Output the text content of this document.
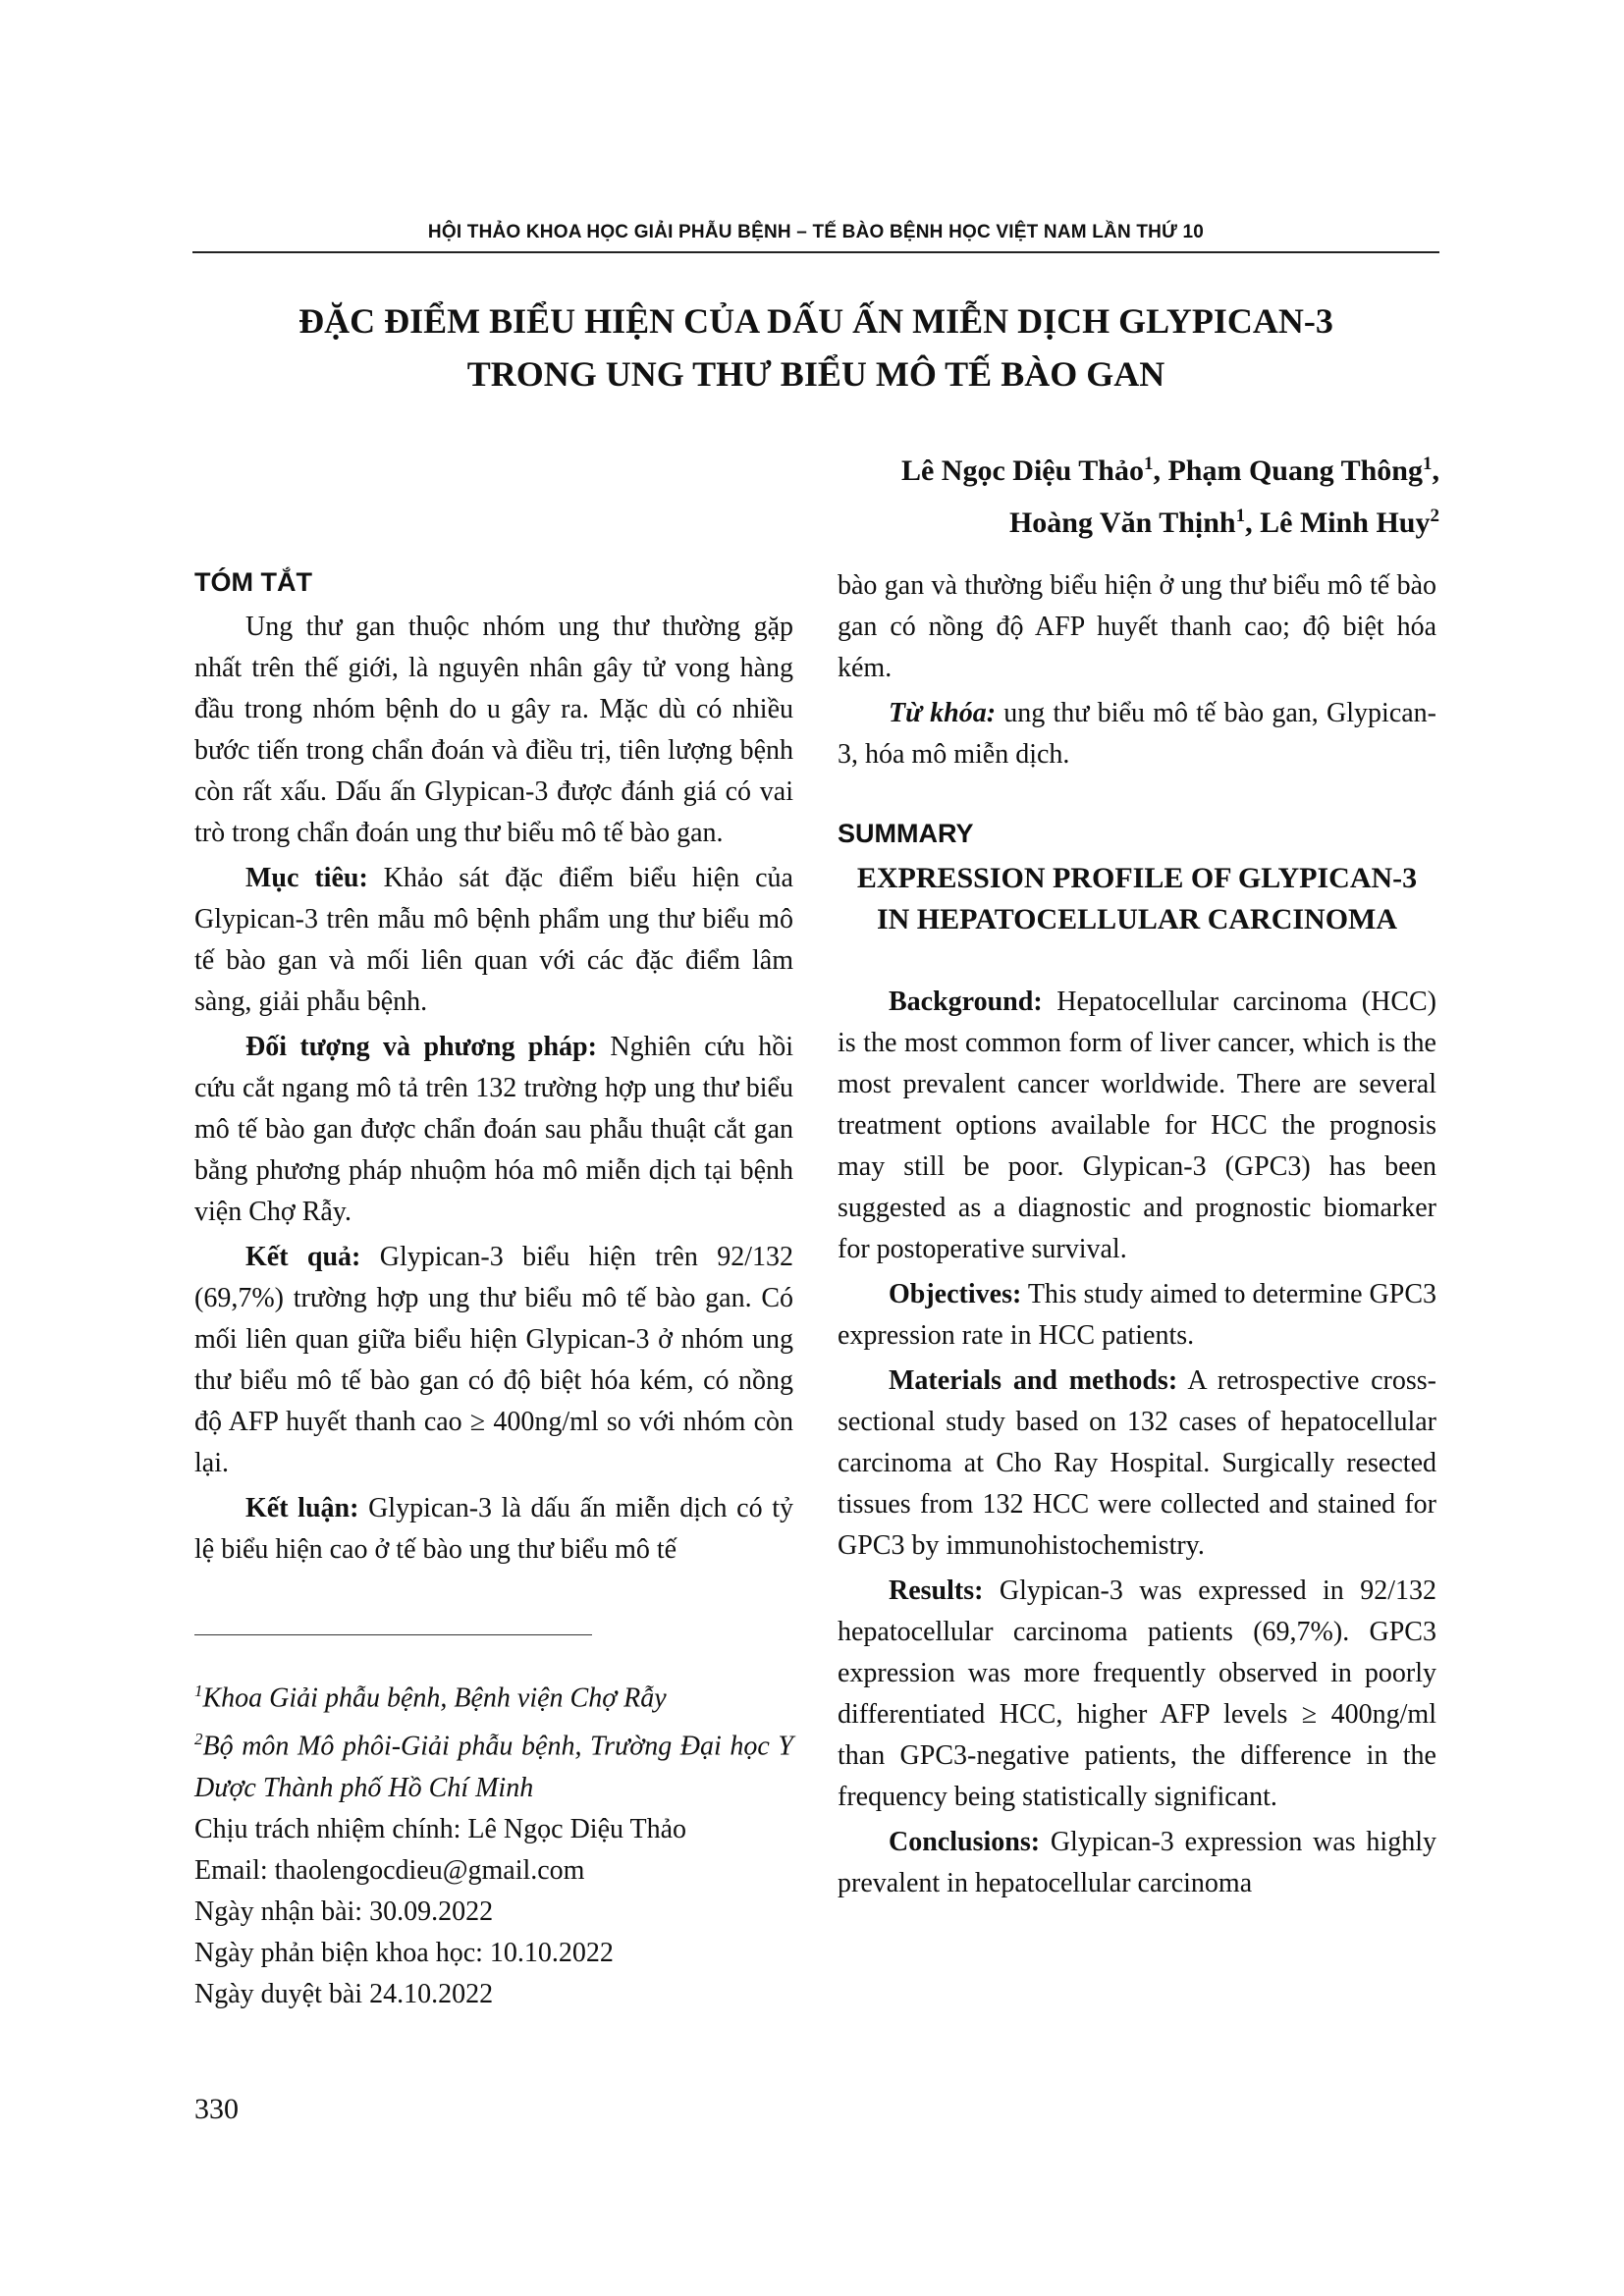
HỘI THẢO KHOA HỌC GIẢI PHẪU BỆNH – TẾ BÀO BỆNH HỌC VIỆT NAM LẦN THỨ 10
ĐẶC ĐIỂM BIỂU HIỆN CỦA DẤU ẤN MIỄN DỊCH GLYPICAN-3
TRONG UNG THƯ BIỂU MÔ TẾ BÀO GAN
Lê Ngọc Diệu Thảo$^1$, Phạm Quang Thông$^1$,
Hoàng Văn Thịnh$^1$, Lê Minh Huy$^2$
TÓM TẮT

Ung thư gan thuộc nhóm ung thư thường gặp nhất trên thế giới, là nguyên nhân gây tử vong hàng đầu trong nhóm bệnh do u gây ra. Mặc dù có nhiều bước tiến trong chẩn đoán và điều trị, tiên lượng bệnh còn rất xấu. Dấu ấn Glypican-3 được đánh giá có vai trò trong chẩn đoán ung thư biểu mô tế bào gan.

Mục tiêu: Khảo sát đặc điểm biểu hiện của Glypican-3 trên mẫu mô bệnh phẩm ung thư biểu mô tế bào gan và mối liên quan với các đặc điểm lâm sàng, giải phẫu bệnh.

Đối tượng và phương pháp: Nghiên cứu hồi cứu cắt ngang mô tả trên 132 trường hợp ung thư biểu mô tế bào gan được chẩn đoán sau phẫu thuật cắt gan bằng phương pháp nhuộm hóa mô miễn dịch tại bệnh viện Chợ Rẫy.

Kết quả: Glypican-3 biểu hiện trên 92/132 (69,7%) trường hợp ung thư biểu mô tế bào gan. Có mối liên quan giữa biểu hiện Glypican-3 ở nhóm ung thư biểu mô tế bào gan có độ biệt hóa kém, có nồng độ AFP huyết thanh cao ≥ 400ng/ml so với nhóm còn lại.

Kết luận: Glypican-3 là dấu ấn miễn dịch có tỷ lệ biểu hiện cao ở tế bào ung thư biểu mô tế

$^1$Khoa Giải phẫu bệnh, Bệnh viện Chợ Rẫy
$^2$Bộ môn Mô phôi-Giải phẫu bệnh, Trường Đại học Y Dược Thành phố Hồ Chí Minh
Chịu trách nhiệm chính: Lê Ngọc Diệu Thảo
Email: thaolengocdieu@gmail.com
Ngày nhận bài: 30.09.2022
Ngày phản biện khoa học: 10.10.2022
Ngày duyệt bài 24.10.2022
330

bào gan và thường biểu hiện ở ung thư biểu mô tế bào gan có nồng độ AFP huyết thanh cao; độ biệt hóa kém.

Từ khóa: ung thư biểu mô tế bào gan, Glypican-3, hóa mô miễn dịch.

SUMMARY
EXPRESSION PROFILE OF GLYPICAN-3 IN HEPATOCELLULAR CARCINOMA

Background: Hepatocellular carcinoma (HCC) is the most common form of liver cancer, which is the most prevalent cancer worldwide. There are several treatment options available for HCC the prognosis may still be poor. Glypican-3 (GPC3) has been suggested as a diagnostic and prognostic biomarker for postoperative survival.

Objectives: This study aimed to determine GPC3 expression rate in HCC patients.

Materials and methods: A retrospective cross-sectional study based on 132 cases of hepatocellular carcinoma at Cho Ray Hospital. Surgically resected tissues from 132 HCC were collected and stained for GPC3 by immunohistochemistry.

Results: Glypican-3 was expressed in 92/132 hepatocellular carcinoma patients (69,7%). GPC3 expression was more frequently observed in poorly differentiated HCC, higher AFP levels ≥ 400ng/ml than GPC3-negative patients, the difference in the frequency being statistically significant.

Conclusions: Glypican-3 expression was highly prevalent in hepatocellular carcinoma
